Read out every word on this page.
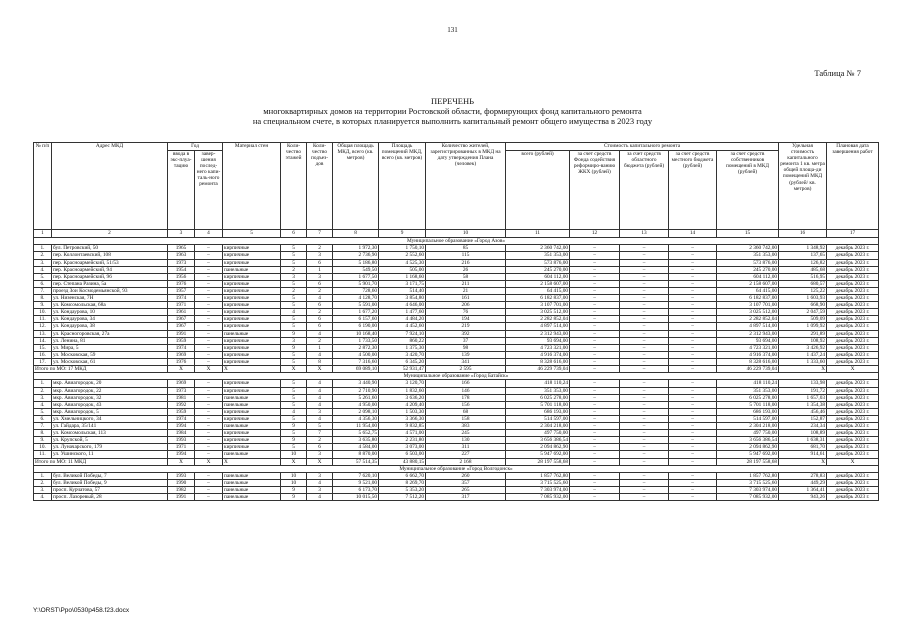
131
Таблица № 7
ПЕРЕЧЕНЬ
многоквартирных домов на территории Ростовской области, формирующих фонд капитального ремонта
на специальном счете, в которых планируется выполнить капитальный ремонт общего имущества в 2023 году
№ п/п	Адрес МКД	Год		Материал стен	Коли-чество этажей	Коли-чество подъез-дов	Общая площадь МКД, всего (кв. метров)	Площадь помещений МКД, всего (кв. метров)	Количество жителей, зарегистрированных в МКД на дату утверждения Плана (человек)	Стоимость капитального ремонта					Удельная стоимость капитального ремонта 1 кв. метра общей площа-ди помещений МКД (рублей/ кв. метров)	Плановая дата завершения работ
		ввода в экс-плуа-тацию	завер-шения послед-него капи-таль-ного ремонта							всего (рублей)	за счет средств Фонда содействия реформиро-ванию ЖКХ (рублей)	за счет средств областного бюджета (рублей)	за счет средств местного бюджета (рублей)	за счет средств собственников помещений в МКД (рублей)		
1	2	3	4	5	6	7	8	9	10	11	12	13	14	15	16	17
Муниципальное образование «Город Азов»																
1.	бул. Петровский, 50	1965	–	кирпичные	5	2	1 972,30	1 750,10	85	2 360 742,00	–	–	–	2 360 742,00	1 348,92	декабрь 2023 г.
2.	пер. Коллонтаевский, 108	1963	–	кирпичные	5	3	2 736,90	2 552,60	115	351 353,00	–	–	–	351 353,00	137,65	декабрь 2023 г.
3.	пер. Красноармейский, 51/53	1973	–	кирпичные	5	6	5 186,80	4 525,30	216	573 876,00	–	–	–	573 876,00	126,82	декабрь 2023 г.
4.	пер. Красноармейский, 94	1954	–	панельные	2	1	549,50	505,00	26	245 270,00	–	–	–	245 270,00	485,68	декабрь 2023 г.
5.	пер. Красноармейский, 96	1956	–	кирпичные	3	3	1 677,50	1 168,60	58	604 112,00	–	–	–	604 112,00	516,95	декабрь 2023 г.
6.	пер. Степана Разина, 5а	1976	–	кирпичные	5	6	5 901,70	3 171,75	211	2 158 607,00	–	–	–	2 158 607,00	680,57	декабрь 2023 г.
7.	проезд Зои Космодемьянской, 93	1957	–	кирпичные	2	2	728,60	514,40	21	64 415,00	–	–	–	64 415,00	125,22	декабрь 2023 г.
8.	ул. Низенская, 7Н	1974	–	кирпичные	5	4	4 128,70	3 854,80	161	6 182 837,00	–	–	–	6 182 837,00	1 603,93	декабрь 2023 г.
9.	ул. Комсомольская, 68а	1971	–	кирпичные	5	6	5 591,00	4 646,00	206	3 107 701,00	–	–	–	3 107 701,00	668,90	декабрь 2023 г.
10.	ул. Кондаурова, 10	1961	–	кирпичные	4	2	1 677,20	1 477,60	76	3 025 512,00	–	–	–	3 025 512,00	2 047,59	декабрь 2023 г.
11.	ул. Кондаурова, 34	1967	–	кирпичные	5	6	6 157,60	4 484,20	194	2 282 852,04	–	–	–	2 282 852,04	509,09	декабрь 2023 г.
12.	ул. Кондаурова, 38	1967	–	кирпичные	5	6	6 190,00	4 452,60	219	4 897 514,00	–	–	–	4 897 514,00	1 099,92	декабрь 2023 г.
13.	ул. Красногоровская, 27а	1991	–	панельные	9	4	10 168,40	7 924,10	392	2 312 943,00	–	–	–	2 312 943,00	291,89	декабрь 2023 г.
14.	ул. Ленина, 81	1959	–	кирпичные	3	2	1 733,50	860,22	37	93 694,00	–	–	–	93 694,00	108,92	декабрь 2023 г.
15.	ул. Мира, 5	1974	–	кирпичные	9	1	2 872,30	1 375,30	98	4 723 321,00	–	–	–	4 723 321,00	3 426,92	декабрь 2023 г.
16.	ул. Московская, 59	1969	–	кирпичные	5	4	4 500,00	3 420,70	139	4 916 374,00	–	–	–	4 916 374,00	1 437,24	декабрь 2023 г.
17.	ул. Московская, 61	1976	–	кирпичные	5	8	7 316,60	6 345,20	341	8 328 616,00	–	–	–	8 328 616,00	1 333,60	декабрь 2023 г.
Итого по МО: 17 МКД		X	X	X	X	X	69 089,10	52 931,47	2 595	46 229 739,04	–	–	–	46 229 739,04	X	X
Муниципальное образование «Город Батайск»																
1.	мкр. Авиагородок, 20	1969	–	кирпичные	5	4	3 440,90	3 120,70	166	418 110,24	–	–	–	418 110,24	133,98	декабрь 2023 г.
2.	мкр. Авиагородок, 22	1973	–	кирпичные	5	4	2 710,90	1 832,60	146	351 353,00	–	–	–	351 353,00	191,72	декабрь 2023 г.
3.	мкр. Авиагородок, 32	1981	–	панельные	5	4	5 261,60	3 636,20	178	6 025 278,00	–	–	–	6 025 278,00	1 657,03	декабрь 2023 г.
4.	мкр. Авиагородок, 43	1992	–	панельные	5	4	4 950,00	4 209,40	156	5 701 118,00	–	–	–	5 701 118,00	1 354,38	декабрь 2023 г.
5.	мкр. Авиагородок, 5	1959	–	кирпичные	4	3	2 098,10	1 503,30	68	686 193,00	–	–	–	686 193,00	456,46	декабрь 2023 г.
6.	ул. Хмельницкого, 34	1974	–	кирпичные	5	4	4 356,30	3 366,30	158	514 597,00	–	–	–	514 597,00	152,87	декабрь 2023 г.
7.	ул. Гайдара, 35/141	1994	–	панельные	9	5	11 954,00	9 832,85	383	2 304 218,00	–	–	–	2 304 218,00	234,34	декабрь 2023 г.
8.	ул. Комсомольская, 113	1984	–	кирпичные	5	7	5 652,75	4 571,00	245	497 750,00	–	–	–	497 750,00	108,89	декабрь 2023 г.
9.	ул. Крупской, 5	1993	–	кирпичные	9	2	3 635,80	2 231,80	130	3 656 386,54	–	–	–	3 656 386,54	1 638,31	декабрь 2023 г.
10.	ул. Луначарского, 179	1971	–	кирпичные	5	6	4 584,00	3 073,00	311	2 094 862,90	–	–	–	2 094 862,90	681,70	декабрь 2023 г.
11.	ул. Ушинского, 11	1994	–	панельные	10	3	8 870,00	6 503,00	227	5 947 692,00	–	–	–	5 947 692,00	914,61	декабрь 2023 г.
Итого по МО: 11 МКД		X	X	X	X	X	57 514,35	43 880,15	2 168	28 197 558,68	–	–	–	28 197 558,68	X	X
Муниципальное образование «Город Волгодонск»																
1.	бул. Великой Победы, 7	1993	–	панельные	10	3	7 620,10	6 662,70	260	1 857 762,80	–	–	–	1 857 762,80	278,83	декабрь 2023 г.
2.	бул. Великой Победы, 9	1990	–	панельные	10	4	9 521,00	8 269,70	357	3 715 525,60	–	–	–	3 715 525,60	449,29	декабрь 2023 г.
3.	просп. Курчатова, 57	1982	–	панельные	9	3	6 173,70	5 353,20	265	7 303 974,00	–	–	–	7 303 974,00	1 364,41	декабрь 2023 г.
4.	просп. Лазоревый, 28	1991	–	панельные	9	4	10 015,50	7 512,20	317	7 085 932,00	–	–	–	7 085 932,00	943,26	декабрь 2023 г.
Y:\ORST\Ppo\0530p458.f23.docx
